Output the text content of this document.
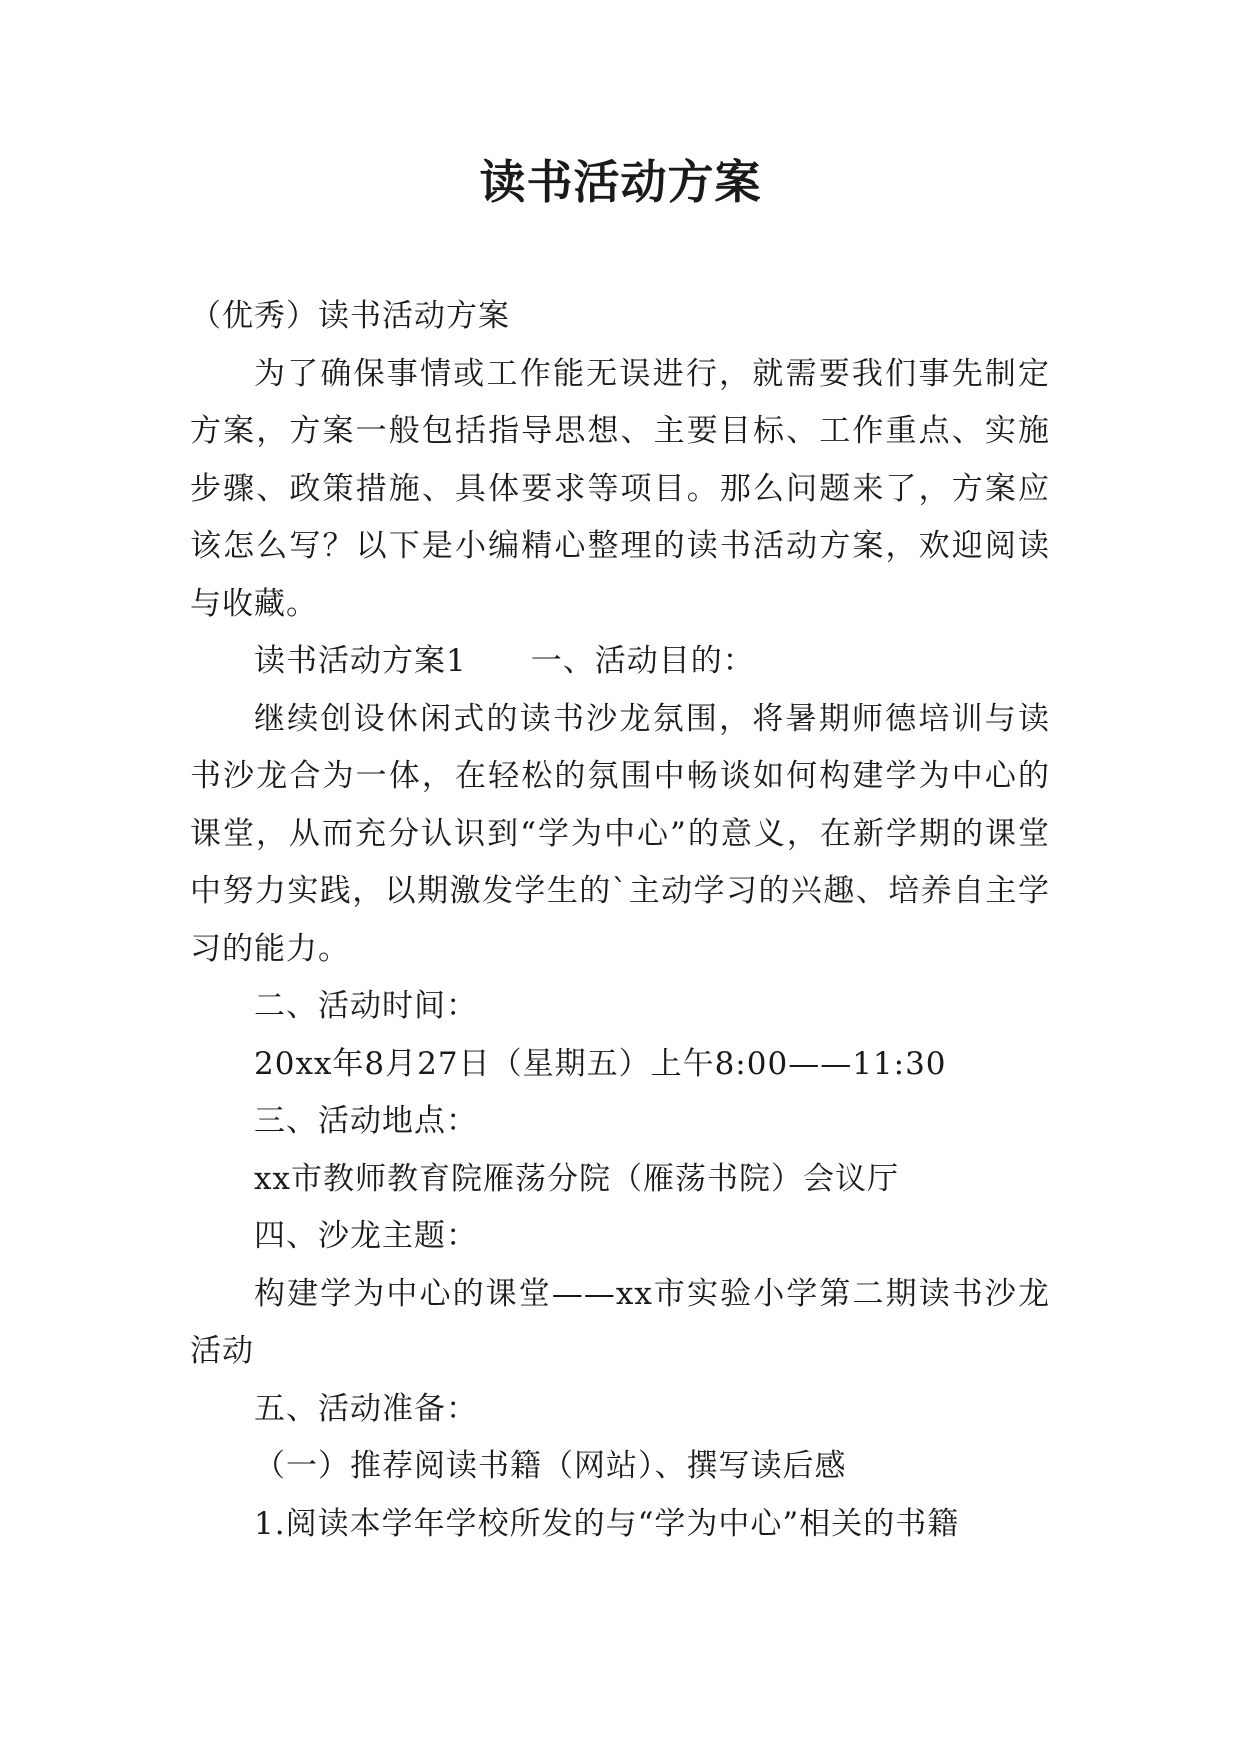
读书活动方案

（优秀）读书活动方案

为了确保事情或工作能无误进行，就需要我们事先制定方案，方案一般包括指导思想、主要目标、工作重点、实施步骤、政策措施、具体要求等项目。那么问题来了，方案应该怎么写？以下是小编精心整理的读书活动方案，欢迎阅读与收藏。

读书活动方案1　　一、活动目的：

继续创设休闲式的读书沙龙氛围，将暑期师德培训与读书沙龙合为一体，在轻松的氛围中畅谈如何构建学为中心的课堂，从而充分认识到“学为中心”的意义，在新学期的课堂中努力实践，以期激发学生的`主动学习的兴趣、培养自主学习的能力。

二、活动时间：

20xx年8月27日（星期五）上午8:00——11:30

三、活动地点：

xx市教师教育院雁荡分院（雁荡书院）会议厅

四、沙龙主题：

构建学为中心的课堂——xx市实验小学第二期读书沙龙活动

五、活动准备：

（一）推荐阅读书籍（网站）、撰写读后感

1.阅读本学年学校所发的与“学为中心”相关的书籍
